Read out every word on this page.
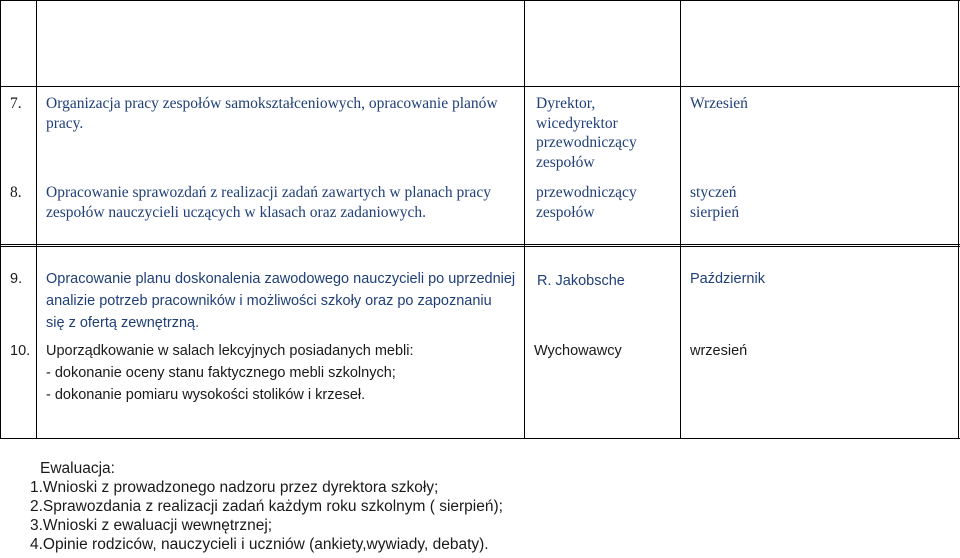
7. Organizacja pracy zespołów samokształceniowych, opracowanie planów
pracy.
Dyrektor,
wicedyrektor
przewodniczący
zespołów
Wrzesień
8. Opracowanie sprawozdań z realizacji zadań zawartych w planach pracy
zespołów nauczycieli uczących w klasach oraz zadaniowych.
przewodniczący
zespołów
styczeń
sierpień
9. Opracowanie planu doskonalenia zawodowego nauczycieli po uprzedniej
analizie potrzeb pracowników i możliwości szkoły oraz po zapoznaniu
się z ofertą zewnętrzną.
R. Jakobsche	Październik
10. Uporządkowanie w salach lekcyjnych posiadanych mebli:
- dokonanie oceny stanu faktycznego mebli szkolnych;
- dokonanie pomiaru wysokości stolików i krzeseł.
Wychowawcy	wrzesień
Ewaluacja:
1.Wnioski z prowadzonego nadzoru przez dyrektora szkoły;
2.Sprawozdania z realizacji zadań każdym roku szkolnym ( sierpień);
3.Wnioski z ewaluacji wewnętrznej;
4.Opinie rodziców, nauczycieli i uczniów (ankiety,wywiady, debaty).
